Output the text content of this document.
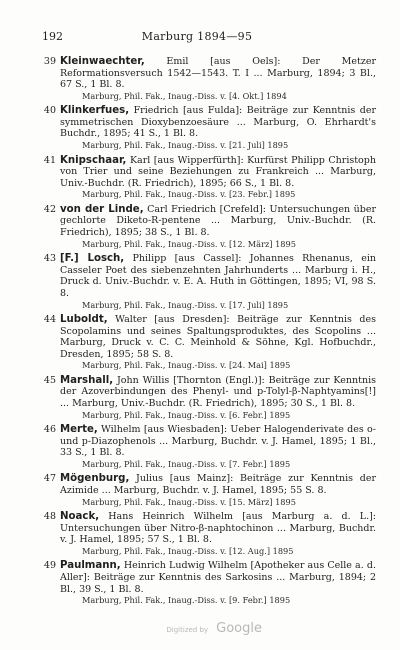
192	Marburg 1894—95
39 Kleinwaechter, Emil [aus Oels]: Der Metzer Reformationsversuch 1542—1543. T. I ... Marburg, 1894; 3 Bl., 67 S., 1 Bl. 8.
Marburg, Phil. Fak., Inaug.-Diss. v. [4. Okt.] 1894
40 Klinkerfues, Friedrich [aus Fulda]: Beiträge zur Kenntnis der symmetrischen Dioxybenzoesäure ... Marburg, O. Ehrhardt's Buchdr., 1895; 41 S., 1 Bl. 8.
Marburg, Phil. Fak., Inaug.-Diss. v. [21. Juli] 1895
41 Knipschaar, Karl [aus Wipperfürth]: Kurfürst Philipp Christoph von Trier und seine Beziehungen zu Frankreich ... Marburg, Univ.-Buchdr. (R. Friedrich), 1895; 66 S., 1 Bl. 8.
Marburg, Phil. Fak., Inaug.-Diss. v. [23. Febr.] 1895
42 von der Linde, Carl Friedrich [Crefeld]: Untersuchungen über gechlorte Diketo-R-pentene ... Marburg, Univ.-Buchdr. (R. Friedrich), 1895; 38 S., 1 Bl. 8.
Marburg, Phil. Fak., Inaug.-Diss. v. [12. März] 1895
43 [F.] Losch, Philipp [aus Cassel]: Johannes Rhenanus, ein Casseler Poet des siebenzehnten Jahrhunderts ... Marburg i. H., Druck d. Univ.-Buchdr. v. E. A. Huth in Göttingen, 1895; VI, 98 S. 8.
Marburg, Phil. Fak., Inaug.-Diss. v. [17. Juli] 1895
44 Luboldt, Walter [aus Dresden]: Beiträge zur Kenntnis des Scopolamins und seines Spaltungsproduktes, des Scopolins ... Marburg, Druck v. C. C. Meinhold & Söhne, Kgl. Hofbuchdr., Dresden, 1895; 58 S. 8.
Marburg, Phil. Fak., Inaug.-Diss. v. [24. Mai] 1895
45 Marshall, John Willis [Thornton (Engl.)]: Beiträge zur Kenntnis der Azoverbindungen des Phenyl- und p-Tolyl-β-Naphtyamins[!] ... Marburg, Univ.-Buchdr. (R. Friedrich), 1895; 30 S., 1 Bl. 8.
Marburg, Phil. Fak., Inaug.-Diss. v. [6. Febr.] 1895
46 Merte, Wilhelm [aus Wiesbaden]: Ueber Halogenderivate des o- und p-Diazophenols ... Marburg, Buchdr. v. J. Hamel, 1895; 1 Bl., 33 S., 1 Bl. 8.
Marburg, Phil. Fak., Inaug.-Diss. v. [7. Febr.] 1895
47 Mögenburg, Julius [aus Mainz]: Beiträge zur Kenntnis der Azimide ... Marburg, Buchdr. v. J. Hamel, 1895; 55 S. 8.
Marburg, Phil. Fak., Inaug.-Diss. v. [15. März] 1895
48 Noack, Hans Heinrich Wilhelm [aus Marburg a. d. L.]: Untersuchungen über Nitro-β-naphtochinon ... Marburg, Buchdr. v. J. Hamel, 1895; 57 S., 1 Bl. 8.
Marburg, Phil. Fak., Inaug.-Diss. v. [12. Aug.] 1895
49 Paulmann, Heinrich Ludwig Wilhelm [Apotheker aus Celle a. d. Aller]: Beiträge zur Kenntnis des Sarkosins ... Marburg, 1894; 2 Bl., 39 S., 1 Bl. 8.
Marburg, Phil. Fak., Inaug.-Diss. v. [9. Febr.] 1895
Digitized by Google
